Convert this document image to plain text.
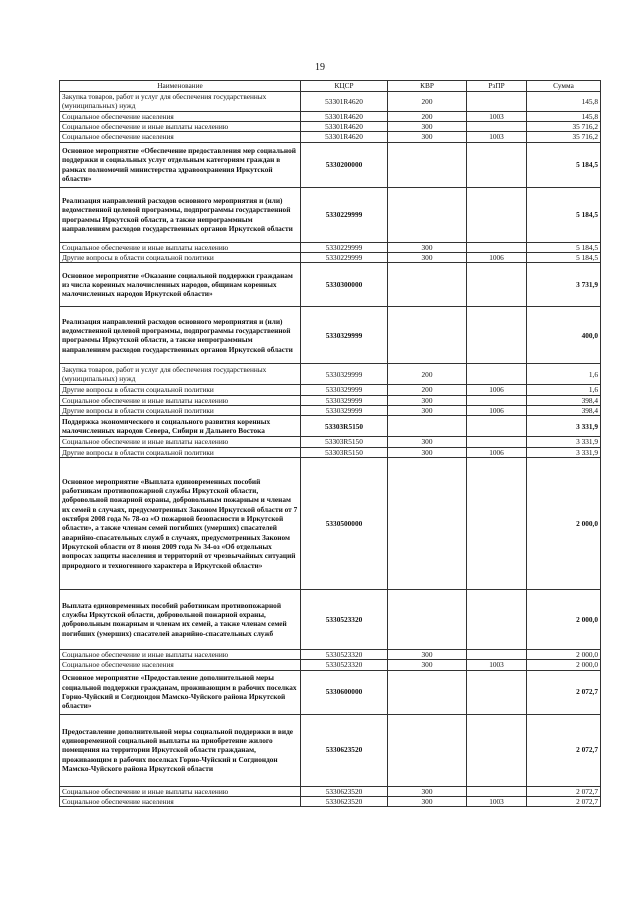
19
Наименование	КЦСР	КВР	РзПР	Сумма
Закупка товаров, работ и услуг для обеспечения государственных (муниципальных) нужд	53301R4620	200		145,8
Социальное обеспечение населения	53301R4620	200	1003	145,8
Социальное обеспечение и иные выплаты населению	53301R4620	300		35 716,2
Социальное обеспечение населения	53301R4620	300	1003	35 716,2
Основное мероприятие «Обеспечение предоставления мер социальной поддержки и социальных услуг отдельным категориям граждан в рамках полномочий министерства здравоохранения Иркутской области»	5330200000			5 184,5
Реализация направлений расходов основного мероприятия и (или) ведомственной целевой программы, подпрограммы государственной программы Иркутской области, а также непрограммным направлениям расходов государственных органов Иркутской области	5330229999			5 184,5
Социальное обеспечение и иные выплаты населению	5330229999	300		5 184,5
Другие вопросы в области социальной политики	5330229999	300	1006	5 184,5
Основное мероприятие «Оказание социальной поддержки гражданам из числа коренных малочисленных народов, общинам коренных малочисленных народов Иркутской области»	5330300000			3 731,9
Реализация направлений расходов основного мероприятия и (или) ведомственной целевой программы, подпрограммы государственной программы Иркутской области, а также непрограммным направлениям расходов государственных органов Иркутской области	5330329999			400,0
Закупка товаров, работ и услуг для обеспечения государственных (муниципальных) нужд	5330329999	200		1,6
Другие вопросы в области социальной политики	5330329999	200	1006	1,6
Социальное обеспечение и иные выплаты населению	5330329999	300		398,4
Другие вопросы в области социальной политики	5330329999	300	1006	398,4
Поддержка экономического и социального развития коренных малочисленных народов Севера, Сибири и Дальнего Востока	53303R5150			3 331,9
Социальное обеспечение и иные выплаты населению	53303R5150	300		3 331,9
Другие вопросы в области социальной политики	53303R5150	300	1006	3 331,9
Основное мероприятие «Выплата единовременных пособий работникам противопожарной службы Иркутской области, добровольной пожарной охраны, добровольным пожарным и членам их семей в случаях, предусмотренных Законом Иркутской области от 7 октября 2008 года № 78-оз «О пожарной безопасности в Иркутской области», а также членам семей погибших (умерших) спасателей аварийно-спасательных служб в случаях, предусмотренных Законом Иркутской области от 8 июня 2009 года № 34-оз «Об отдельных вопросах защиты населения и территорий от чрезвычайных ситуаций природного и техногенного характера в Иркутской области»	5330500000			2 000,0
Выплата единовременных пособий работникам противопожарной службы Иркутской области, добровольной пожарной охраны, добровольным пожарным и членам их семей, а также членам семей погибших (умерших) спасателей аварийно-спасательных служб	5330523320			2 000,0
Социальное обеспечение и иные выплаты населению	5330523320	300		2 000,0
Социальное обеспечение населения	5330523320	300	1003	2 000,0
Основное мероприятие «Предоставление дополнительной меры социальной поддержки гражданам, проживающим в рабочих поселках Горно-Чуйский и Согдиондон Мамско-Чуйского района Иркутской области»	5330600000			2 072,7
Предоставление дополнительной меры социальной поддержки в виде единовременной социальной выплаты на приобретение жилого помещения на территории Иркутской области гражданам, проживающим в рабочих поселках Горно-Чуйский и Согдиондон Мамско-Чуйского района Иркутской области	5330623520			2 072,7
Социальное обеспечение и иные выплаты населению	5330623520	300		2 072,7
Социальное обеспечение населения	5330623520	300	1003	2 072,7
